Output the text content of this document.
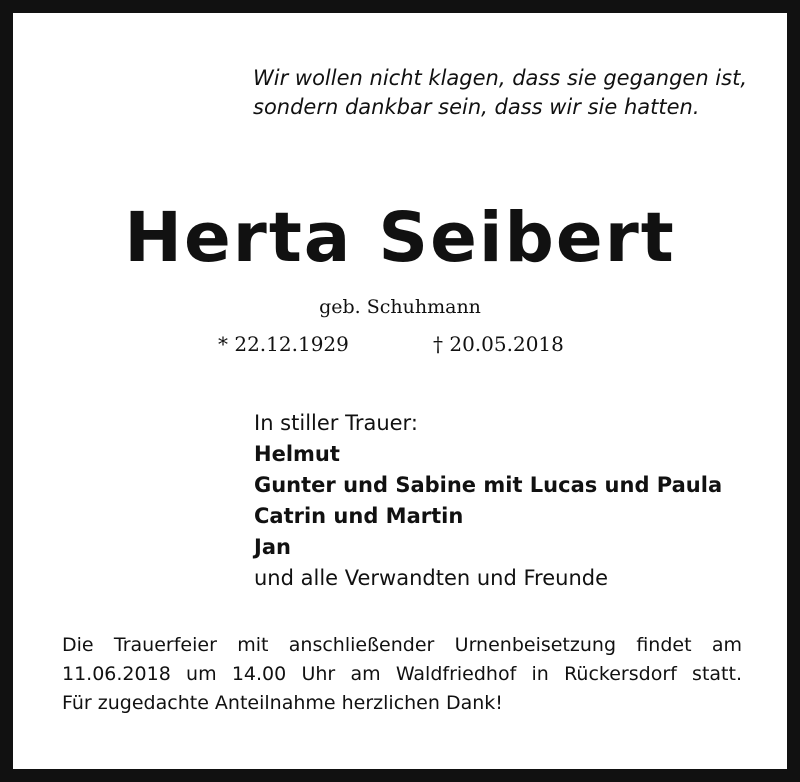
Wir wollen nicht klagen, dass sie gegangen ist,
sondern dankbar sein, dass wir sie hatten.
Herta Seibert
geb. Schuhmann
* 22.12.1929	† 20.05.2018
In stiller Trauer:
Helmut
Gunter und Sabine mit Lucas und Paula
Catrin und Martin
Jan
und alle Verwandten und Freunde
Die Trauerfeier mit anschließender Urnenbeisetzung findet am
11.06.2018 um 14.00 Uhr am Waldfriedhof in Rückersdorf statt.
Für zugedachte Anteilnahme herzlichen Dank!
